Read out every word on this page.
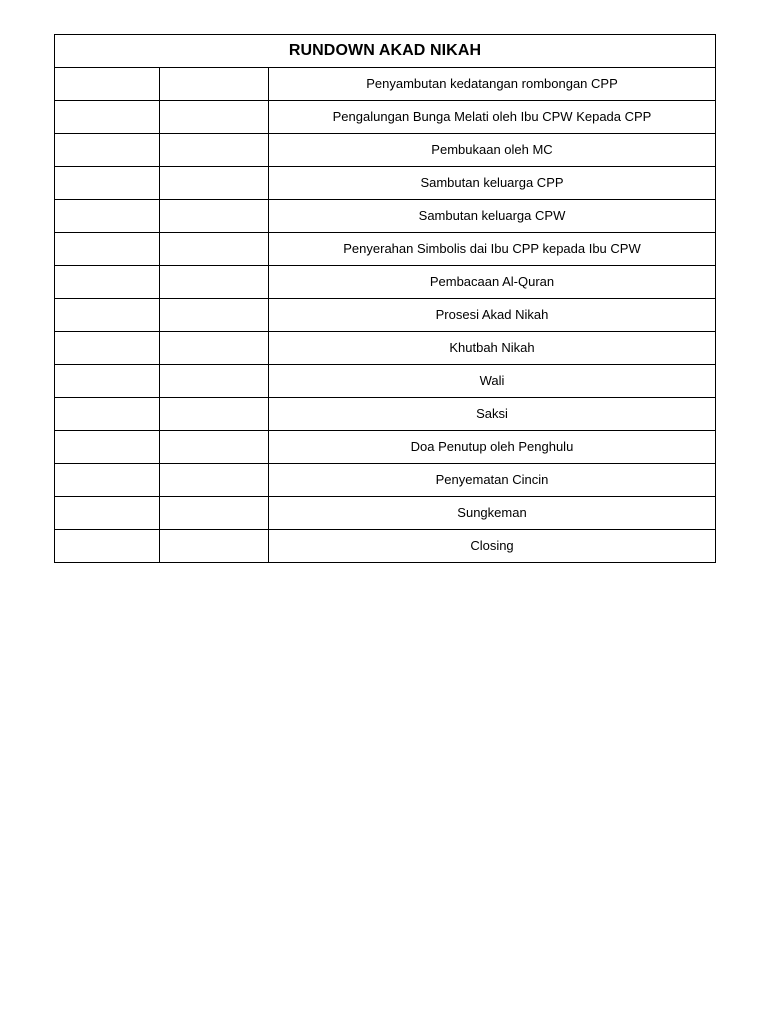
RUNDOWN AKAD NIKAH		
		Penyambutan kedatangan rombongan CPP
		Pengalungan Bunga Melati oleh Ibu CPW Kepada CPP
		Pembukaan oleh MC
		Sambutan keluarga CPP
		Sambutan keluarga CPW
		Penyerahan Simbolis dai Ibu CPP kepada Ibu CPW
		Pembacaan Al-Quran
		Prosesi Akad Nikah
		Khutbah Nikah
		Wali
		Saksi
		Doa Penutup oleh Penghulu
		Penyematan Cincin
		Sungkeman
		Closing
